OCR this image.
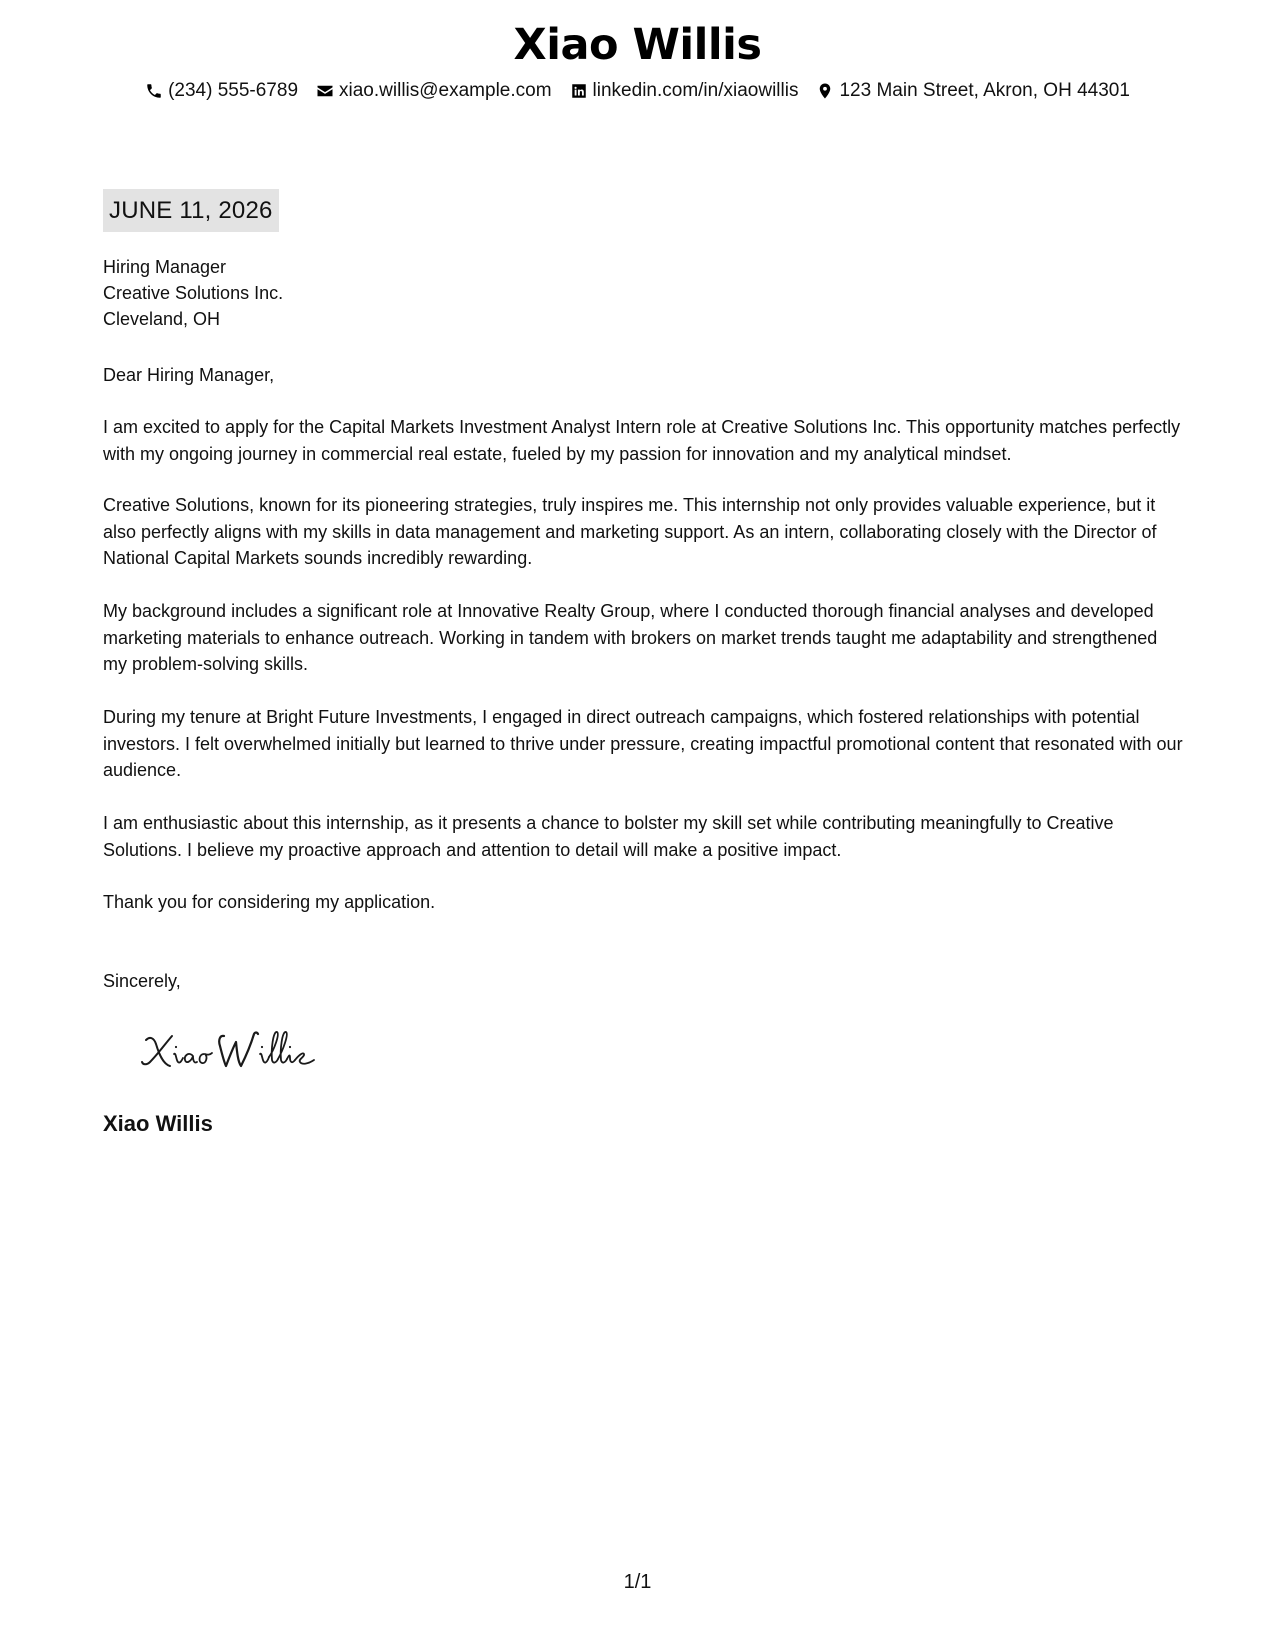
Xiao Willis
(234) 555-6789 xiao.willis@example.com linkedin.com/in/xiaowillis 123 Main Street, Akron, OH 44301
JUNE 11, 2026
Hiring Manager
Creative Solutions Inc.
Cleveland, OH
Dear Hiring Manager,

I am excited to apply for the Capital Markets Investment Analyst Intern role at Creative Solutions Inc. This opportunity matches perfectly with my ongoing journey in commercial real estate, fueled by my passion for innovation and my analytical mindset.

Creative Solutions, known for its pioneering strategies, truly inspires me. This internship not only provides valuable experience, but it also perfectly aligns with my skills in data management and marketing support. As an intern, collaborating closely with the Director of National Capital Markets sounds incredibly rewarding.

My background includes a significant role at Innovative Realty Group, where I conducted thorough financial analyses and developed marketing materials to enhance outreach. Working in tandem with brokers on market trends taught me adaptability and strengthened my problem-solving skills.

During my tenure at Bright Future Investments, I engaged in direct outreach campaigns, which fostered relationships with potential investors. I felt overwhelmed initially but learned to thrive under pressure, creating impactful promotional content that resonated with our audience.

I am enthusiastic about this internship, as it presents a chance to bolster my skill set while contributing meaningfully to Creative Solutions. I believe my proactive approach and attention to detail will make a positive impact.

Thank you for considering my application.

Sincerely,
Xiao Willis
1/1
